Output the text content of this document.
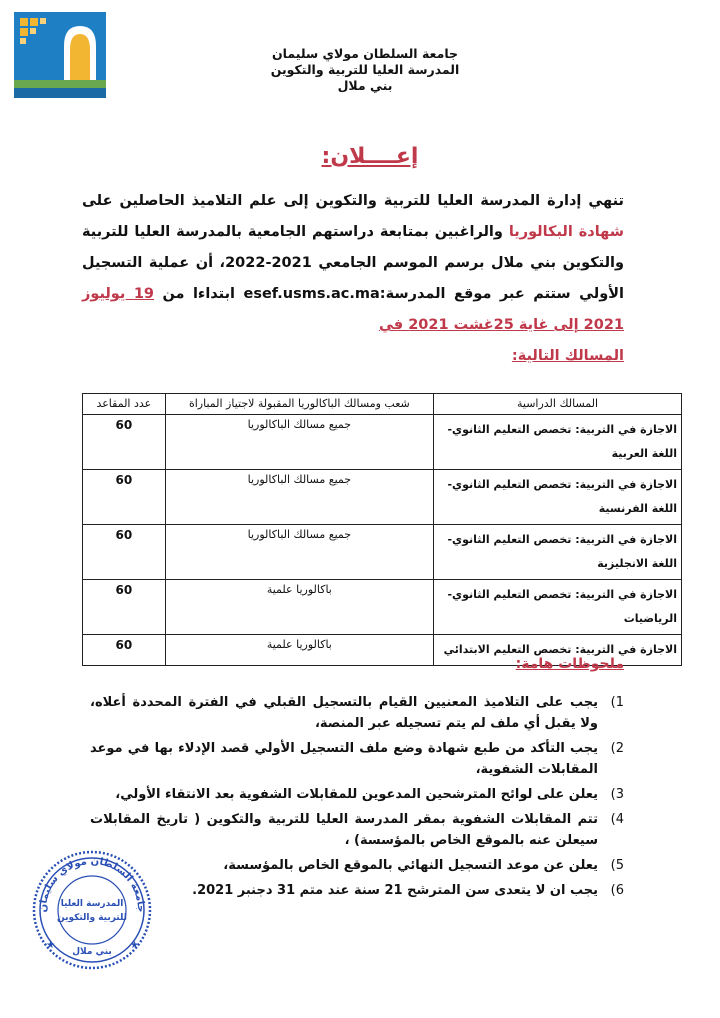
جامعة السلطان مولاي سليمان
المدرسة العليا للتربية والتكوين
بني ملال
إعــــلان:
تنهي إدارة المدرسة العليا للتربية والتكوين إلى علم التلاميذ الحاصلين على شهادة البكالوريا والراغبين بمتابعة دراستهم الجامعية بالمدرسة العليا للتربية والتكوين بني ملال برسم الموسم الجامعي 2021-2022، أن عملية التسجيل الأولي ستتم عبر موقع المدرسة:esef.usms.ac.ma ابتداءا من 19 يوليوز 2021 إلى غاية 25غشت 2021 في
المسالك التالية:
المسالك الدراسية	شعب ومسالك الباكالوريا المقبولة لاجتياز المباراة	عدد المقاعد
الاجازة في التربية: تخصص التعليم الثانوي-اللغة العربية	جميع مسالك الباكالوريا	60
الاجازة في التربية: تخصص التعليم الثانوي-اللغة الفرنسية	جميع مسالك الباكالوريا	60
الاجازة في التربية: تخصص التعليم الثانوي-اللغة الانجليزية	جميع مسالك الباكالوريا	60
الاجازة في التربية: تخصص التعليم الثانوي-الرياضيات	باكالوريا علمية	60
الاجازة في التربية: تخصص التعليم الابتدائي	باكالوريا علمية	60
ملحوظات هامة:
(1
يجب على التلاميذ المعنيين القيام بالتسجيل القبلي في الفترة المحددة أعلاه، ولا يقبل أي ملف لم يتم تسجيله عبر المنصة،
(2
يجب التأكد من طبع شهادة وضع ملف التسجيل الأولي قصد الإدلاء بها في موعد المقابلات الشفوية،
(3
يعلن على لوائح المترشحين المدعوين للمقابلات الشفوية بعد الانتقاء الأولي،
(4
تتم المقابلات الشفوية بمقر المدرسة العليا للتربية والتكوين ( تاريخ المقابلات سيعلن عنه بالموقع الخاص بالمؤسسة) ،
(5
يعلن عن موعد التسجيل النهائي بالموقع الخاص بالمؤسسة،
(6
يجب ان لا يتعدى سن المترشح 21 سنة عند متم 31 دجنبر 2021.
جامعة السلطان مولاي سليمان
المدرسة العليا
للتربية والتكوين
بني ملال
★	★
